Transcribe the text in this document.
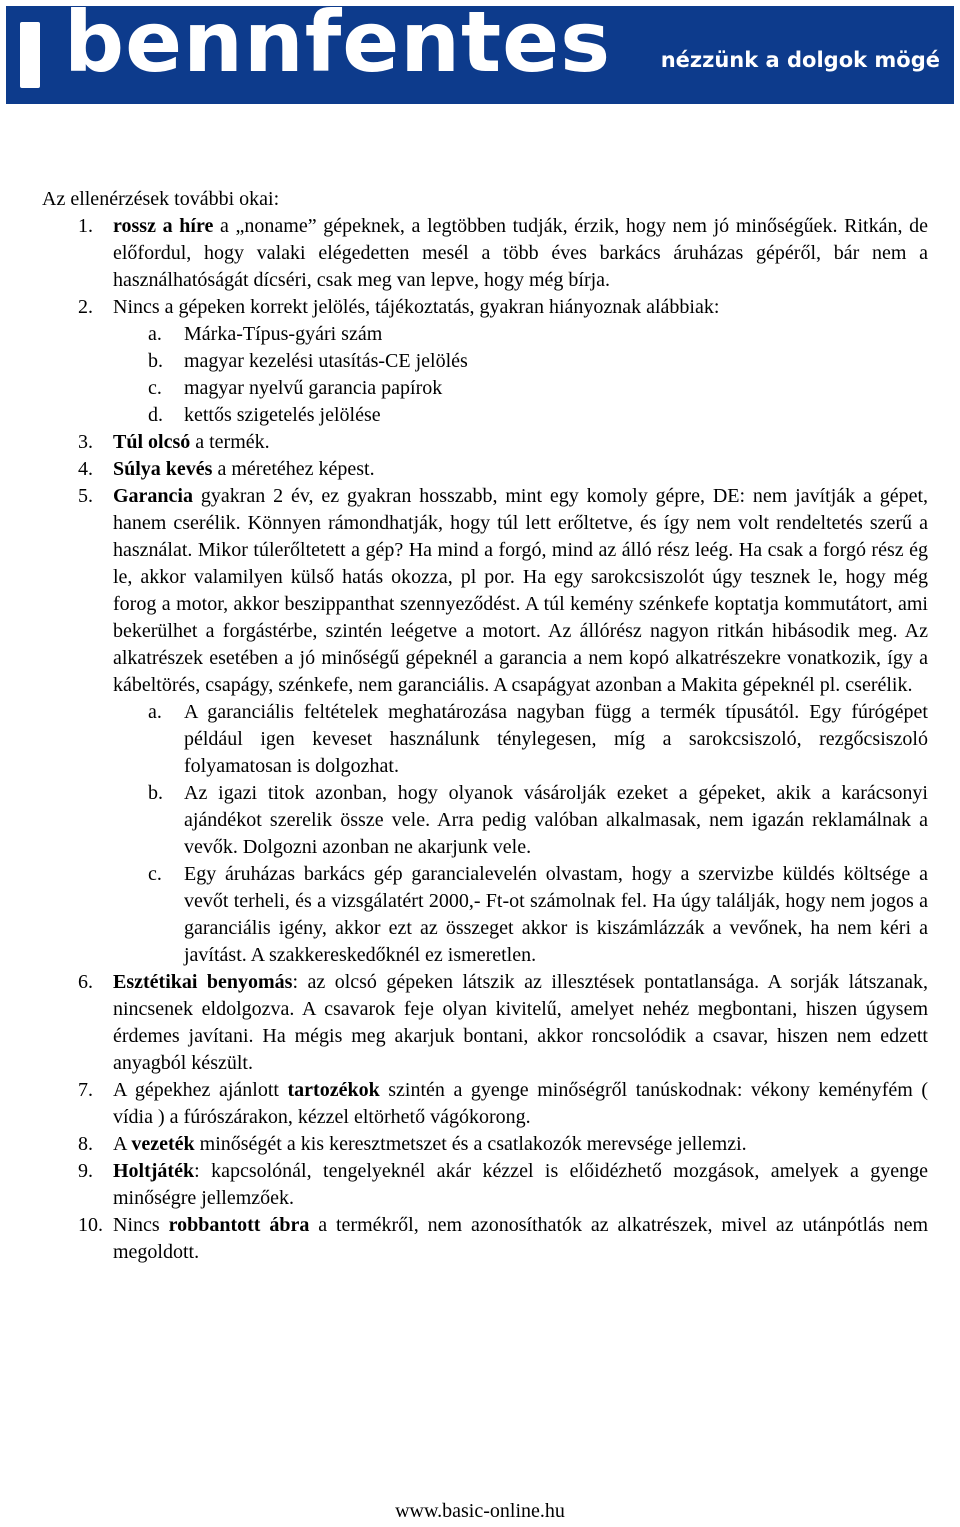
bennfentes nézzünk a dolgok mögé

Az ellenérzések további okai:

1.	rossz a híre a „noname” gépeknek, a legtöbben tudják, érzik, hogy nem jó minőségűek. Ritkán, de előfordul, hogy valaki elégedetten mesél a több éves barkács áruházas gépéről, bár nem a használhatóságát dícséri, csak meg van lepve, hogy még bírja.
2.	Nincs a gépeken korrekt jelölés, tájékoztatás, gyakran hiányoznak alábbiak:
a.	Márka-Típus-gyári szám
b.	magyar kezelési utasítás-CE jelölés
c.	magyar nyelvű garancia papírok
d.	kettős szigetelés jelölése
3.	Túl olcsó a termék.
4.	Súlya kevés a méretéhez képest.
5.	Garancia gyakran 2 év, ez gyakran hosszabb, mint egy komoly gépre, DE: nem javítják a gépet, hanem cserélik. Könnyen rámondhatják, hogy túl lett erőltetve, és így nem volt rendeltetés szerű a használat. Mikor túlerőltetett a gép? Ha mind a forgó, mind az álló rész leég. Ha csak a forgó rész ég le, akkor valamilyen külső hatás okozza, pl por. Ha egy sarokcsiszolót úgy tesznek le, hogy még forog a motor, akkor beszippanthat szennyeződést. A túl kemény szénkefe koptatja kommutátort, ami bekerülhet a forgástérbe, szintén leégetve a motort. Az állórész nagyon ritkán hibásodik meg. Az alkatrészek esetében a jó minőségű gépeknél a garancia a nem kopó alkatrészekre vonatkozik, így a kábeltörés, csapágy, szénkefe, nem garanciális. A csapágyat azonban a Makita gépeknél pl. cserélik.
a.	A garanciális feltételek meghatározása nagyban függ a termék típusától. Egy fúrógépet például igen keveset használunk ténylegesen, míg a sarokcsiszoló, rezgőcsiszoló folyamatosan is dolgozhat.
b.	Az igazi titok azonban, hogy olyanok vásárolják ezeket a gépeket, akik a karácsonyi ajándékot szerelik össze vele. Arra pedig valóban alkalmasak, nem igazán reklamálnak a vevők. Dolgozni azonban ne akarjunk vele.
c.	Egy áruházas barkács gép garancialevelén olvastam, hogy a szervizbe küldés költsége a vevőt terheli, és a vizsgálatért 2000,- Ft-ot számolnak fel. Ha úgy találják, hogy nem jogos a garanciális igény, akkor ezt az összeget akkor is kiszámlázzák a vevőnek, ha nem kéri a javítást. A szakkereskedőknél ez ismeretlen.
6.	Esztétikai benyomás: az olcsó gépeken látszik az illesztések pontatlansága. A sorják látszanak, nincsenek eldolgozva. A csavarok feje olyan kivitelű, amelyet nehéz megbontani, hiszen úgysem érdemes javítani. Ha mégis meg akarjuk bontani, akkor roncsolódik a csavar, hiszen nem edzett anyagból készült.
7.	A gépekhez ajánlott tartozékok szintén a gyenge minőségről tanúskodnak: vékony keményfém ( vídia ) a fúrószárakon, kézzel eltörhető vágókorong.
8.	A vezeték minőségét a kis keresztmetszet és a csatlakozók merevsége jellemzi.
9.	Holtjáték: kapcsolónál, tengelyeknél akár kézzel is előidézhető mozgások, amelyek a gyenge minőségre jellemzőek.
10. Nincs robbantott ábra a termékről, nem azonosíthatók az alkatrészek, mivel az utánpótlás nem megoldott.
www.basic-online.hu
